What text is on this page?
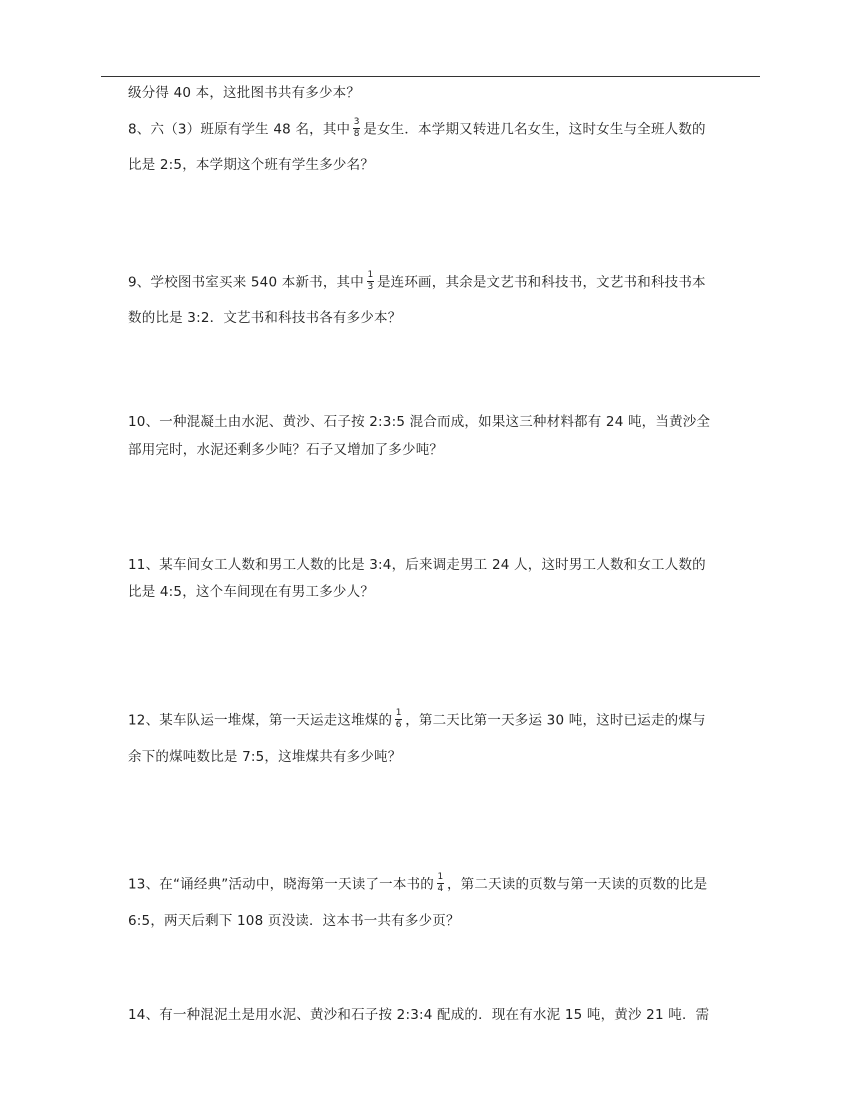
级分得 40 本，这批图书共有多少本？
8、六（3）班原有学生 48 名，其中 $\frac{3}{8}$ 是女生．本学期又转进几名女生，这时女生与全班人数的
比是 2:5，本学期这个班有学生多少名？
9、学校图书室买来 540 本新书，其中 $\frac{1}{3}$ 是连环画，其余是文艺书和科技书，文艺书和科技书本
数的比是 3:2．文艺书和科技书各有多少本？
10、一种混凝土由水泥、黄沙、石子按 2:3:5 混合而成，如果这三种材料都有 24 吨，当黄沙全
部用完时，水泥还剩多少吨？石子又增加了多少吨？
11、某车间女工人数和男工人数的比是 3:4，后来调走男工 24 人，这时男工人数和女工人数的
比是 4:5，这个车间现在有男工多少人？
12、某车队运一堆煤，第一天运走这堆煤的 $\frac{1}{6}$ ，第二天比第一天多运 30 吨，这时已运走的煤与
余下的煤吨数比是 7:5，这堆煤共有多少吨？
13、在“诵经典”活动中，晓海第一天读了一本书的 $\frac{1}{4}$ ，第二天读的页数与第一天读的页数的比是
6:5，两天后剩下 108 页没读．这本书一共有多少页？
14、有一种混泥土是用水泥、黄沙和石子按 2:3:4 配成的．现在有水泥 15 吨，黄沙 21 吨．需
